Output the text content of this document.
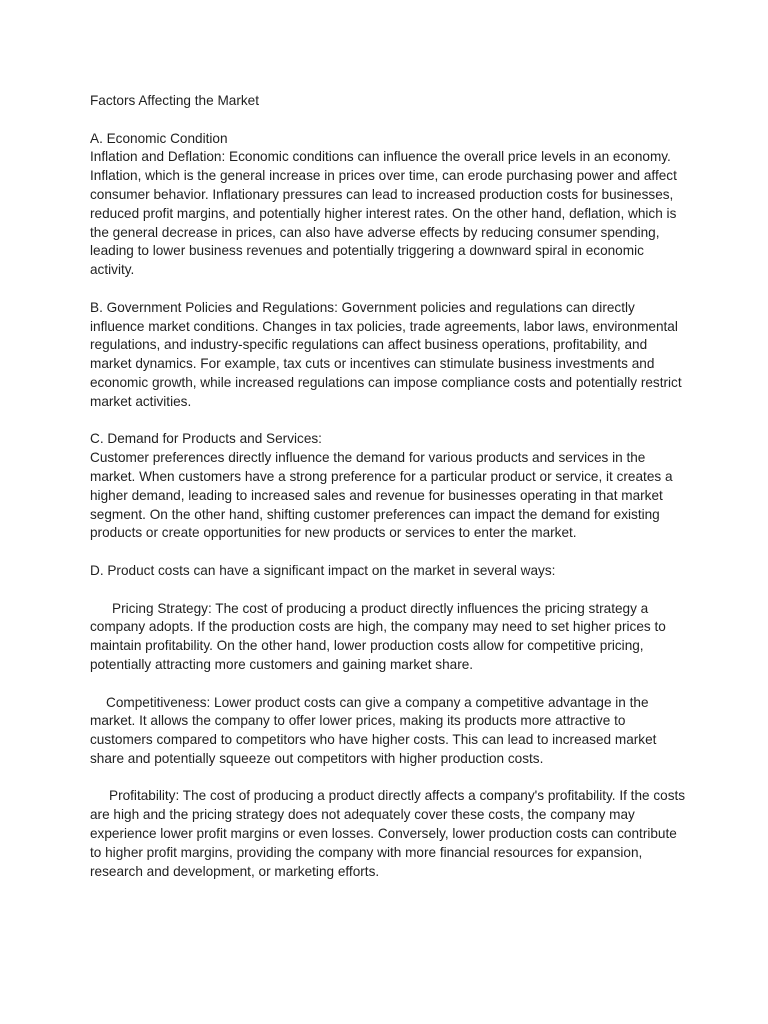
Factors Affecting the Market

A. Economic Condition

Inflation and Deflation: Economic conditions can influence the overall price levels in an economy. Inflation, which is the general increase in prices over time, can erode purchasing power and affect consumer behavior. Inflationary pressures can lead to increased production costs for businesses, reduced profit margins, and potentially higher interest rates. On the other hand, deflation, which is the general decrease in prices, can also have adverse effects by reducing consumer spending, leading to lower business revenues and potentially triggering a downward spiral in economic activity.

B. Government Policies and Regulations: Government policies and regulations can directly influence market conditions. Changes in tax policies, trade agreements, labor laws, environmental regulations, and industry-specific regulations can affect business operations, profitability, and market dynamics. For example, tax cuts or incentives can stimulate business investments and economic growth, while increased regulations can impose compliance costs and potentially restrict market activities.

C. Demand for Products and Services:

Customer preferences directly influence the demand for various products and services in the market. When customers have a strong preference for a particular product or service, it creates a higher demand, leading to increased sales and revenue for businesses operating in that market segment. On the other hand, shifting customer preferences can impact the demand for existing products or create opportunities for new products or services to enter the market.

D. Product costs can have a significant impact on the market in several ways:

Pricing Strategy: The cost of producing a product directly influences the pricing strategy a company adopts. If the production costs are high, the company may need to set higher prices to maintain profitability. On the other hand, lower production costs allow for competitive pricing, potentially attracting more customers and gaining market share.

Competitiveness: Lower product costs can give a company a competitive advantage in the market. It allows the company to offer lower prices, making its products more attractive to customers compared to competitors who have higher costs. This can lead to increased market share and potentially squeeze out competitors with higher production costs.

Profitability: The cost of producing a product directly affects a company's profitability. If the costs are high and the pricing strategy does not adequately cover these costs, the company may experience lower profit margins or even losses. Conversely, lower production costs can contribute to higher profit margins, providing the company with more financial resources for expansion, research and development, or marketing efforts.
